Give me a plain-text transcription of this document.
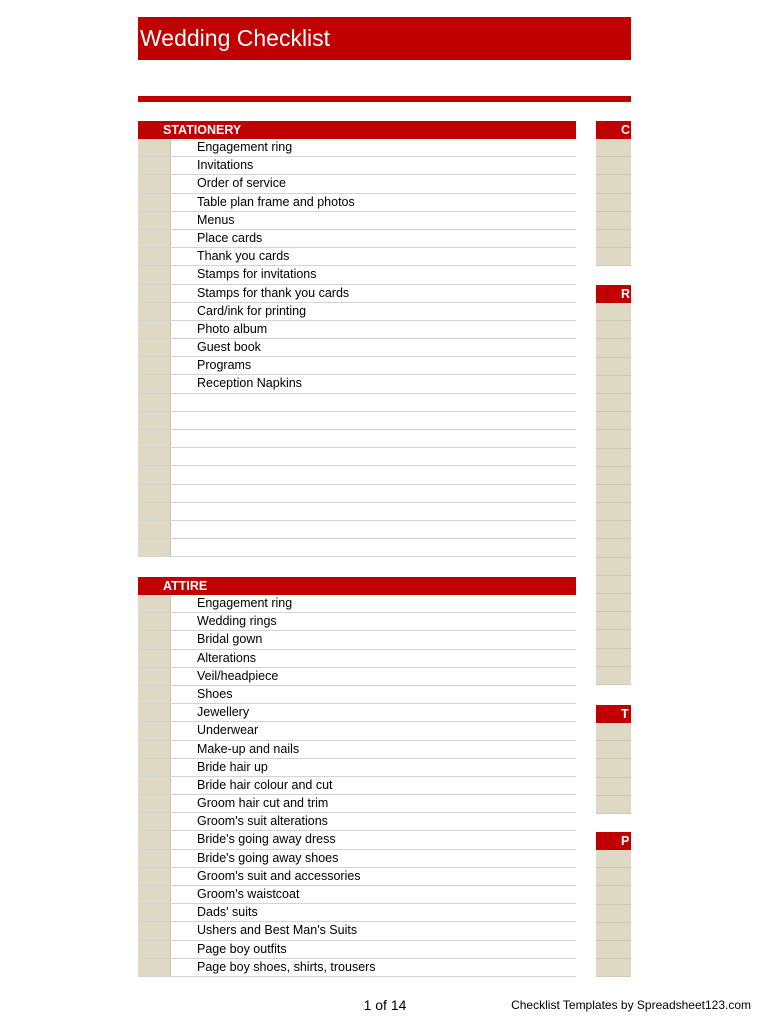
Wedding Checklist
STATIONERY
Engagement ring
Invitations
Order of service
Table plan frame and photos
Menus
Place cards
Thank you cards
Stamps for invitations
Stamps for thank you cards
Card/ink for printing
Photo album
Guest book
Programs
Reception Napkins
ATTIRE
Engagement ring
Wedding rings
Bridal gown
Alterations
Veil/headpiece
Shoes
Jewellery
Underwear
Make-up and nails
Bride hair up
Bride hair colour and cut
Groom hair cut and trim
Groom's suit alterations
Bride's going away dress
Bride's going away shoes
Groom's suit and accessories
Groom's waistcoat
Dads' suits
Ushers and Best Man's Suits
Page boy outfits
Page boy shoes, shirts, trousers
C
R
T
P
1 of 14	Checklist Templates by Spreadsheet123.com
